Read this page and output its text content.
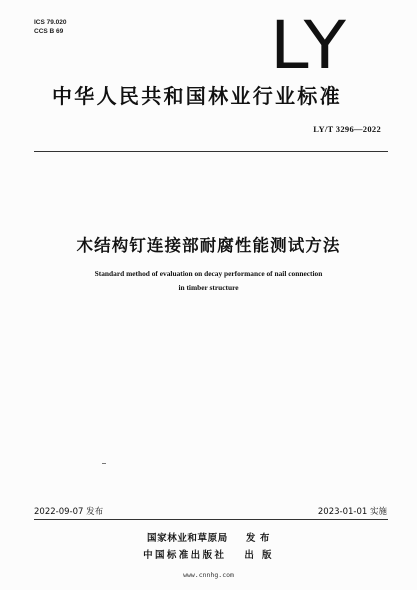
ICS 79.020
CCS B 69	LY
中华人民共和国林业行业标准
LY/T 3296—2022
木结构钉连接部耐腐性能测试方法
Standard method of evaluation on decay performance of nail connection
in timber structure
2022-09-07 发布	2023-01-01 实施
国家林业和草原局 发 布
中国标准出版社 出 版
www.cnnhg.com
